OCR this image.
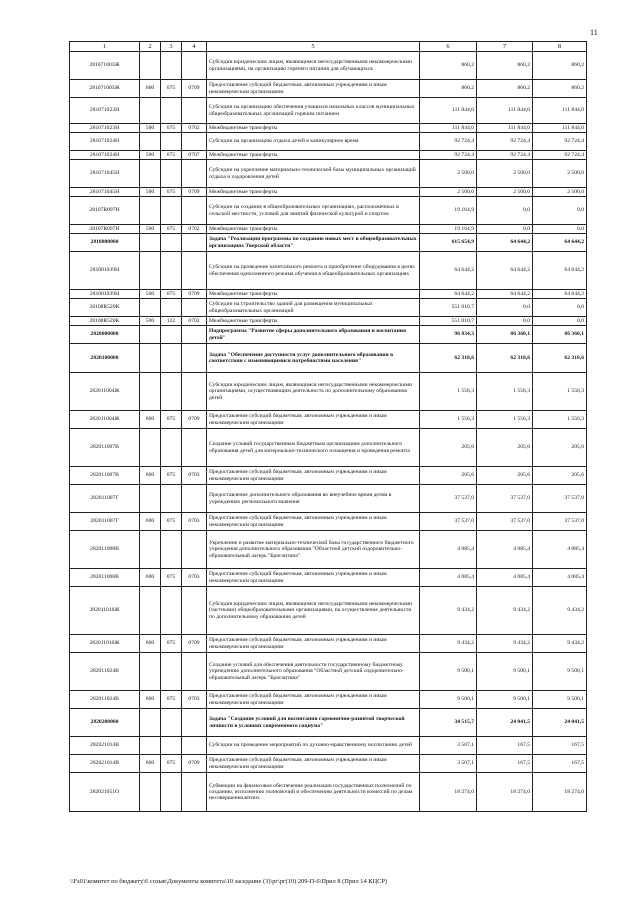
11
1	2	3	4	5	6	7	8
281071003Ж				Субсидии юридическим лицам, являющимся негосударственными некоммерческими организациями, на организацию горячего питания для обучающихся	860,2	860,2	860,2
281071003Ж	600	075	0709	Предоставление субсидий бюджетным, автономным учреждениям и иным некоммерческим организациям	860,2	860,2	860,2
281071023Н				Субсидии на организацию обеспечения учащихся начальных классов муниципальных общеобразовательных организаций горячим питанием	111 844,0	111 844,0	111 844,0
281071023Н	500	075	0702	Межбюджетные трансферты	111 844,0	111 844,0	111 844,0
281071024Н				Субсидии на организацию отдыха детей в каникулярное время	92 724,4	92 724,4	92 724,4
281071024Н	500	075	0707	Межбюджетные трансферты	92 724,4	92 724,4	92 724,4
281071045Н				Субсидии на укрепление материально-технической базы муниципальных организаций отдыха и оздоровления детей	2 500,0	2 500,0	2 500,0
281071045Н	500	075	0709	Межбюджетные трансферты	2 500,0	2 500,0	2 500,0
28107R097Н				Субсидии на создание в общеобразовательных организациях, расположенных в сельской местности, условий для занятий физической культурой и спортом	19 164,9	0,0	0,0
28107R097Н	500	075	0702	Межбюджетные трансферты	19 164,9	0,0	0,0
2810800000				Задача "Реализация программы по созданию новых мест в общеобразовательных организациях Тверской области"	615 654,9	64 644,2	64 644,2
281081039Н				Субсидии на проведение капитального ремонта и приобретение оборудования в целях обеспечения односменного режима обучения в общеобразовательных организациях	64 644,2	64 644,2	64 644,2
281081039Н	500	075	0709	Межбюджетные трансферты	64 644,2	64 644,2	64 644,2
28108R520K				Субсидии на строительство зданий для размещения муниципальных общеобразовательных организаций	551 010,7	0,0	0,0
28108R520K	500	122	0702	Межбюджетные трансферты	551 010,7	0,0	0,0
2820000000				Подпрограмма "Развитие сферы дополнительного образования и воспитания детей"	96 834,3	86 360,1	86 360,1
2820100000				Задача "Обеспечение доступности услуг дополнительного образования в соответствии с изменяющимися потребностями населения"	62 318,6	62 318,6	62 318,6
282011004Ж				Субсидии юридическим лицам, являющимся негосударственными некоммерческими организациями, осуществляющим деятельность по дополнительному образованию детей	1 556,3	1 556,3	1 556,3
282011004Ж	600	075	0709	Предоставление субсидий бюджетным, автономным учреждениям и иным некоммерческим организациям	1 556,3	1 556,3	1 556,3
282011007В				Создание условий государственным бюджетным организациям дополнительного образования детей для материально-технического оснащения и проведения ремонта	205,6	205,6	205,6
282011007В	600	075	0703	Предоставление субсидий бюджетным, автономным учреждениям и иным некоммерческим организациям	205,6	205,6	205,6
282011007Г				Предоставление дополнительного образования во внеучебное время детям в учреждениях регионального значения	37 537,0	37 537,0	37 537,0
282011007Г	600	075	0703	Предоставление субсидий бюджетным, автономным учреждениям и иным некоммерческим организациям	37 537,0	37 537,0	37 537,0
282011008В				Укрепление и развитие материально-технической базы государственного бюджетного учреждения дополнительного образования "Областной детский оздоровительно-образовательный лагерь "Бригантина"	4 085,4	4 085,4	4 085,4
282011008В	600	075	0703	Предоставление субсидий бюджетным, автономным учреждениям и иным некоммерческим организациям	4 085,4	4 085,4	4 085,4
282011010Ж				Субсидии юридическим лицам, являющимся негосударственными некоммерческими (частными) общеобразовательными организациями, на осуществление деятельности по дополнительному образованию детей	9 434,2	9 434,2	9 434,2
282011010Ж	600	075	0709	Предоставление субсидий бюджетным, автономным учреждениям и иным некоммерческим организациям	9 434,2	9 434,2	9 434,2
282011024В				Создание условий для обеспечения деятельности государственному бюджетному учреждению дополнительного образования "Областной детский оздоровительно-образовательный лагерь "Бригантина"	9 500,1	9 500,1	9 500,1
282011024В	600	075	0703	Предоставление субсидий бюджетным, автономным учреждениям и иным некоммерческим организациям	9 500,1	9 500,1	9 500,1
2820200000				Задача "Создание условий для воспитания гармонично-развитой творческой личности в условиях современного социума"	34 515,7	24 041,5	24 041,5
282021014В				Субсидии на проведение мероприятий по духовно-нравственному воспитанию детей	3 507,1	167,5	167,5
282021014В	600	075	0709	Предоставление субсидий бюджетным, автономным учреждениям и иным некоммерческим организациям	3 507,1	167,5	167,5
282021051О				Субвенции на финансовое обеспечение реализации государственных полномочий по созданию, исполнению полномочий и обеспечению деятельности комиссий по делам несовершеннолетних	18 274,0	18 274,0	18 274,0
\\Fs01\комитет по бюджету\6 созыв\Документы комитета\10 заседание (3)\рг\рг(10) 209-П-6\Прил 8 (Прил 14 КЦСР)
